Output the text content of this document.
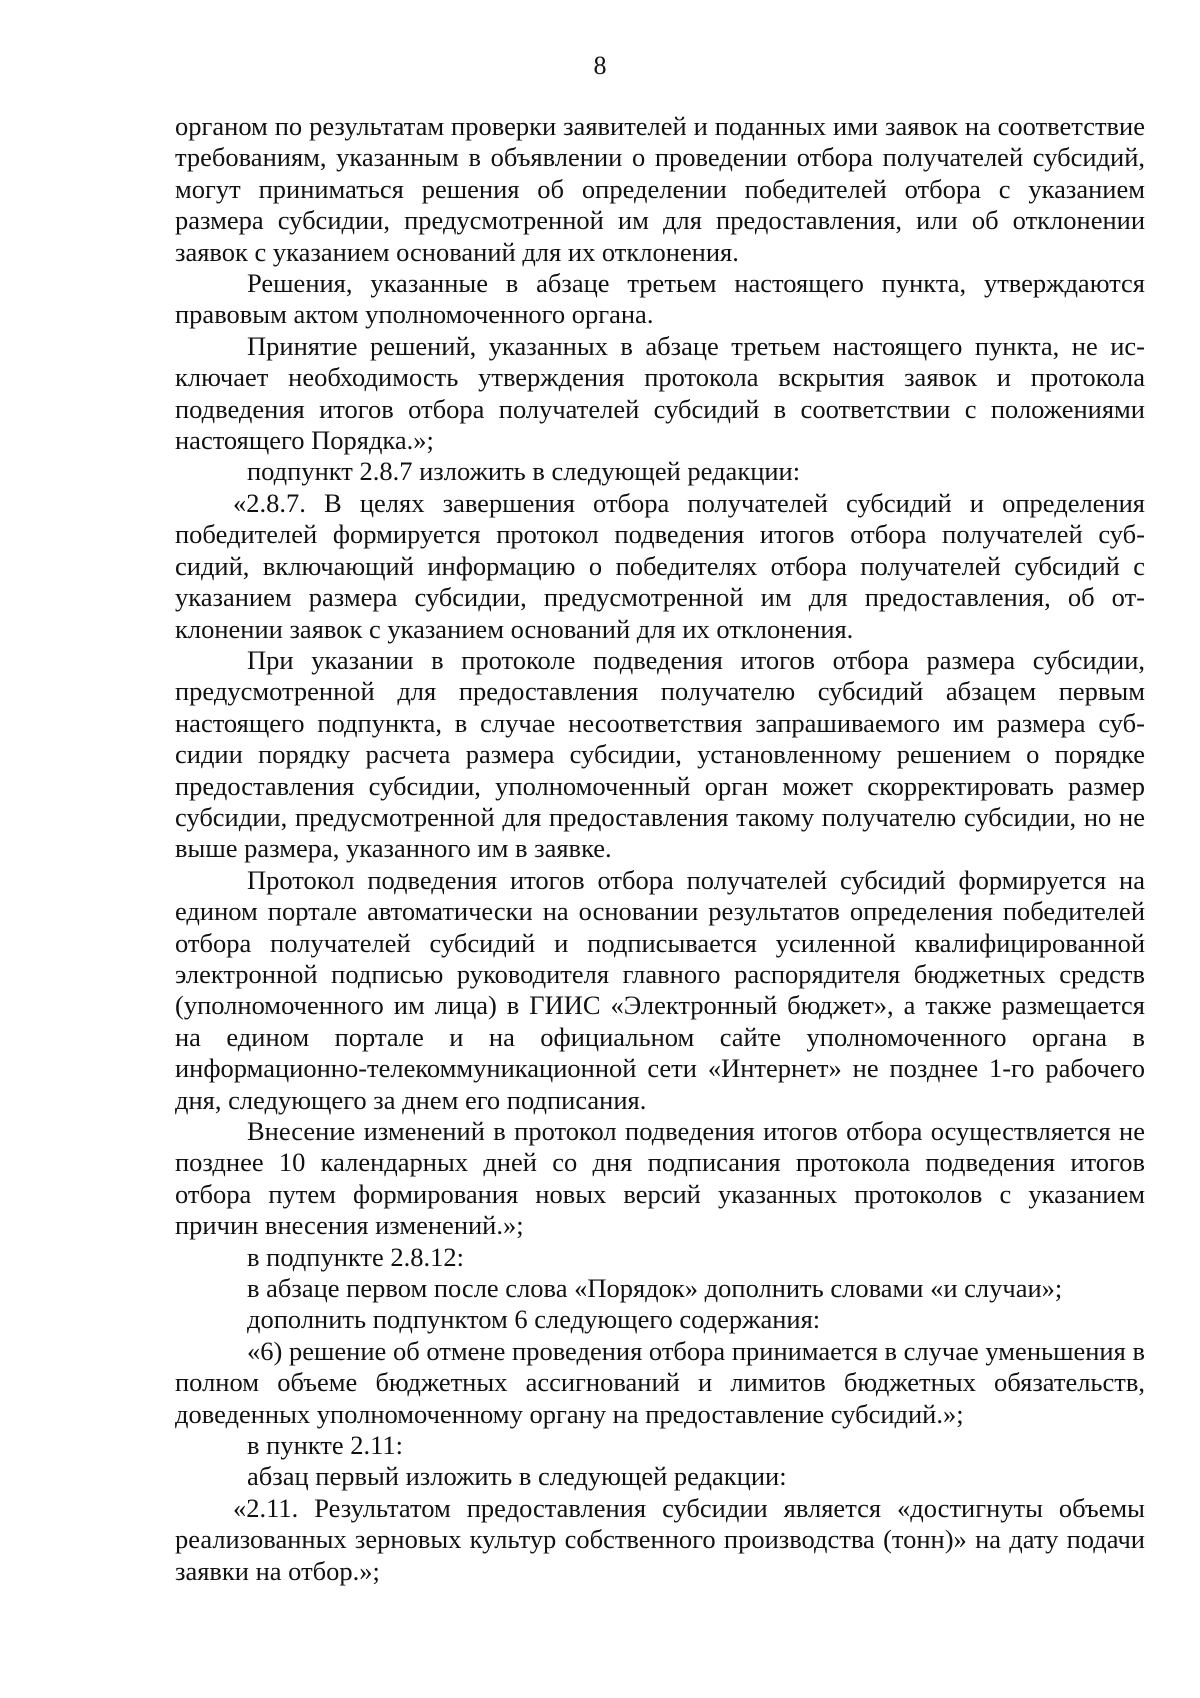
8

органом по результатам проверки заявителей и поданных ими заявок на соответствие требованиям, указанным в объявлении о проведении отбора получателей субсидий, могут приниматься решения об определении победителей отбора с указанием размера субсидии, предусмотренной им для предоставления, или об отклонении заявок с указанием оснований для их отклонения.

Решения, указанные в абзаце третьем настоящего пункта, утверждаются правовым актом уполномоченного органа.

Принятие решений, указанных в абзаце третьем настоящего пункта, не исключает необходимость утверждения протокола вскрытия заявок и протокола подведения итогов отбора получателей субсидий в соответствии с положениями настоящего Порядка.»;

подпункт 2.8.7 изложить в следующей редакции:

«2.8.7. В целях завершения отбора получателей субсидий и определения победителей формируется протокол подведения итогов отбора получателей субсидий, включающий информацию о победителях отбора получателей субсидий с указанием размера субсидии, предусмотренной им для предоставления, об отклонении заявок с указанием оснований для их отклонения.

При указании в протоколе подведения итогов отбора размера субсидии, предусмотренной для предоставления получателю субсидий абзацем первым настоящего подпункта, в случае несоответствия запрашиваемого им размера субсидии порядку расчета размера субсидии, установленному решением о порядке предоставления субсидии, уполномоченный орган может скорректировать размер субсидии, предусмотренной для предоставления такому получателю субсидии, но не выше размера, указанного им в заявке.

Протокол подведения итогов отбора получателей субсидий формируется на едином портале автоматически на основании результатов определения победителей отбора получателей субсидий и подписывается усиленной квалифицированной электронной подписью руководителя главного распорядителя бюджетных средств (уполномоченного им лица) в ГИИС «Электронный бюджет», а также размещается на едином портале и на официальном сайте уполномоченного органа в информационно-телекоммуникационной сети «Интернет» не позднее 1-го рабочего дня, следующего за днем его подписания.

Внесение изменений в протокол подведения итогов отбора осуществляется не позднее 10 календарных дней со дня подписания протокола подведения итогов отбора путем формирования новых версий указанных протоколов с указанием причин внесения изменений.»;

в подпункте 2.8.12:

в абзаце первом после слова «Порядок» дополнить словами «и случаи»;

дополнить подпунктом 6 следующего содержания:

«6) решение об отмене проведения отбора принимается в случае уменьшения в полном объеме бюджетных ассигнований и лимитов бюджетных обязательств, доведенных уполномоченному органу на предоставление субсидий.»;

в пункте 2.11:

абзац первый изложить в следующей редакции:

«2.11. Результатом предоставления субсидии является «достигнуты объемы реализованных зерновых культур собственного производства (тонн)» на дату подачи заявки на отбор.»;
